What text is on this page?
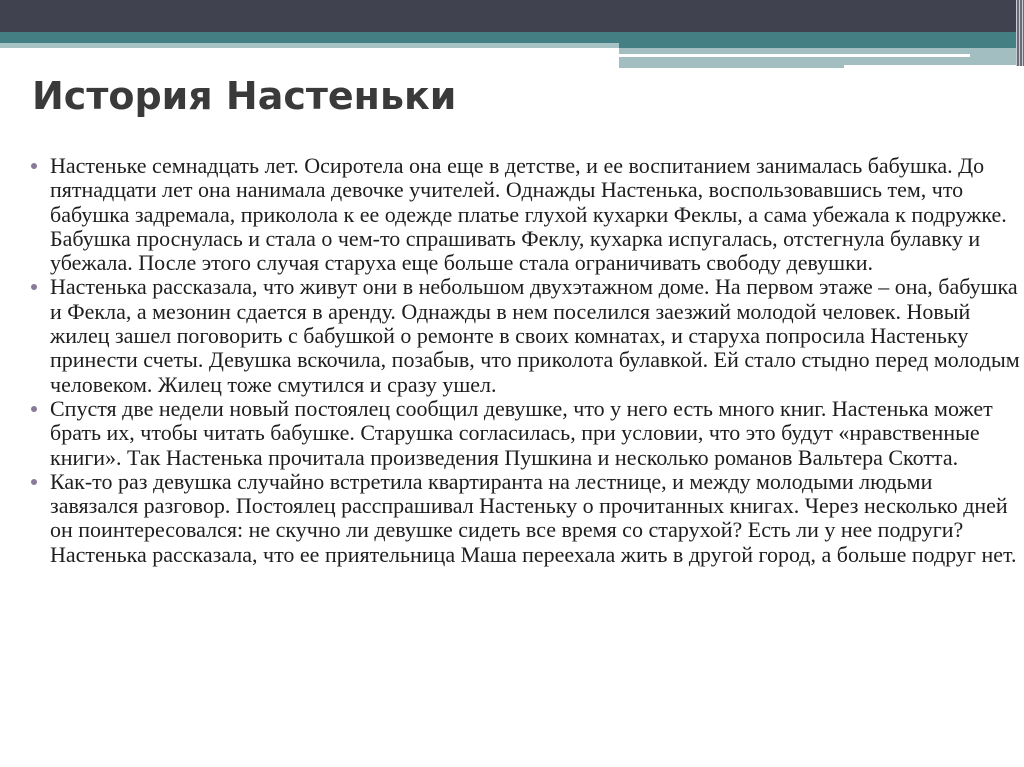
История Настеньки
Настеньке семнадцать лет. Осиротела она еще в детстве, и ее воспитанием занималась бабушка. До пятнадцати лет она нанимала девочке учителей. Однажды Настенька, воспользовавшись тем, что бабушка задремала, приколола к ее одежде платье глухой кухарки Феклы, а сама убежала к подружке. Бабушка проснулась и стала о чем-то спрашивать Феклу, кухарка испугалась, отстегнула булавку и убежала. После этого случая старуха еще больше стала ограничивать свободу девушки.
Настенька рассказала, что живут они в небольшом двухэтажном доме. На первом этаже – она, бабушка и Фекла, а мезонин сдается в аренду. Однажды в нем поселился заезжий молодой человек. Новый жилец зашел поговорить с бабушкой о ремонте в своих комнатах, и старуха попросила Настеньку принести счеты. Девушка вскочила, позабыв, что приколота булавкой. Ей стало стыдно перед молодым человеком. Жилец тоже смутился и сразу ушел.
Спустя две недели новый постоялец сообщил девушке, что у него есть много книг. Настенька может брать их, чтобы читать бабушке. Старушка согласилась, при условии, что это будут «нравственные книги». Так Настенька прочитала произведения Пушкина и несколько романов Вальтера Скотта.
Как-то раз девушка случайно встретила квартиранта на лестнице, и между молодыми людьми завязался разговор. Постоялец расспрашивал Настеньку о прочитанных книгах. Через несколько дней он поинтересовался: не скучно ли девушке сидеть все время со старухой? Есть ли у нее подруги? Настенька рассказала, что ее приятельница Маша переехала жить в другой город, а больше подруг нет.
